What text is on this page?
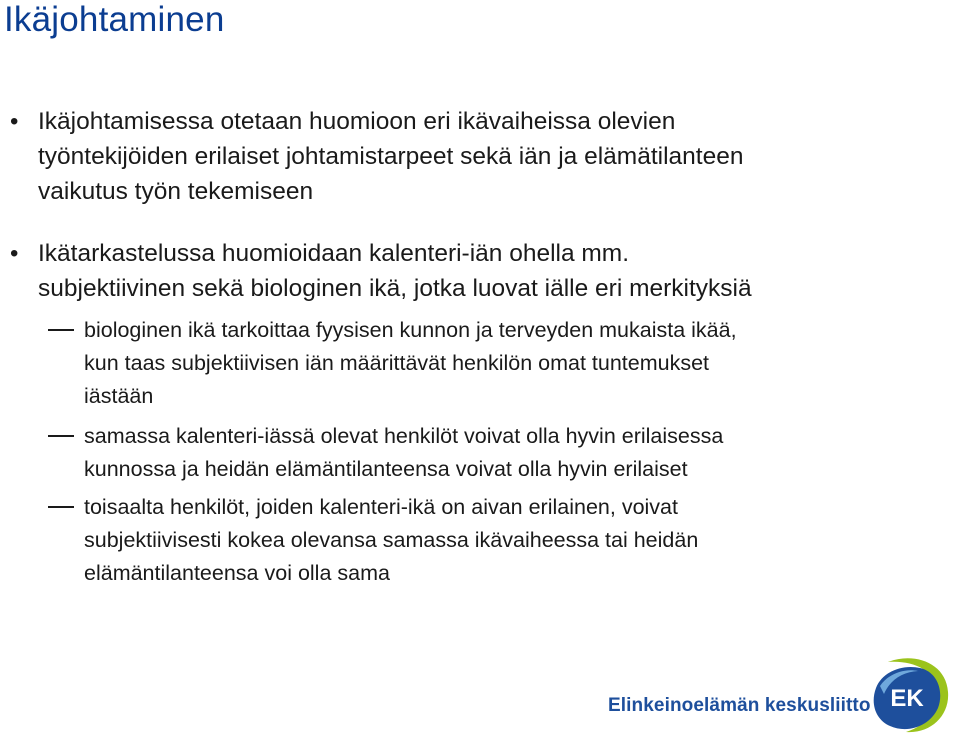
Ikäjohtaminen
• Ikäjohtamisessa otetaan huomioon eri ikävaiheissa olevien
työntekijöiden erilaiset johtamistarpeet sekä iän ja elämätilanteen
vaikutus työn tekemiseen
• Ikätarkastelussa huomioidaan kalenteri-iän ohella mm.
subjektiivinen sekä biologinen ikä, jotka luovat iälle eri merkityksiä
biologinen ikä tarkoittaa fyysisen kunnon ja terveyden mukaista ikää,
kun taas subjektiivisen iän määrittävät henkilön omat tuntemukset
iästään
samassa kalenteri-iässä olevat henkilöt voivat olla hyvin erilaisessa
kunnossa ja heidän elämäntilanteensa voivat olla hyvin erilaiset
toisaalta henkilöt, joiden kalenteri-ikä on aivan erilainen, voivat
subjektiivisesti kokea olevansa samassa ikävaiheessa tai heidän
elämäntilanteensa voi olla sama
Elinkeinoelämän keskusliitto EK
